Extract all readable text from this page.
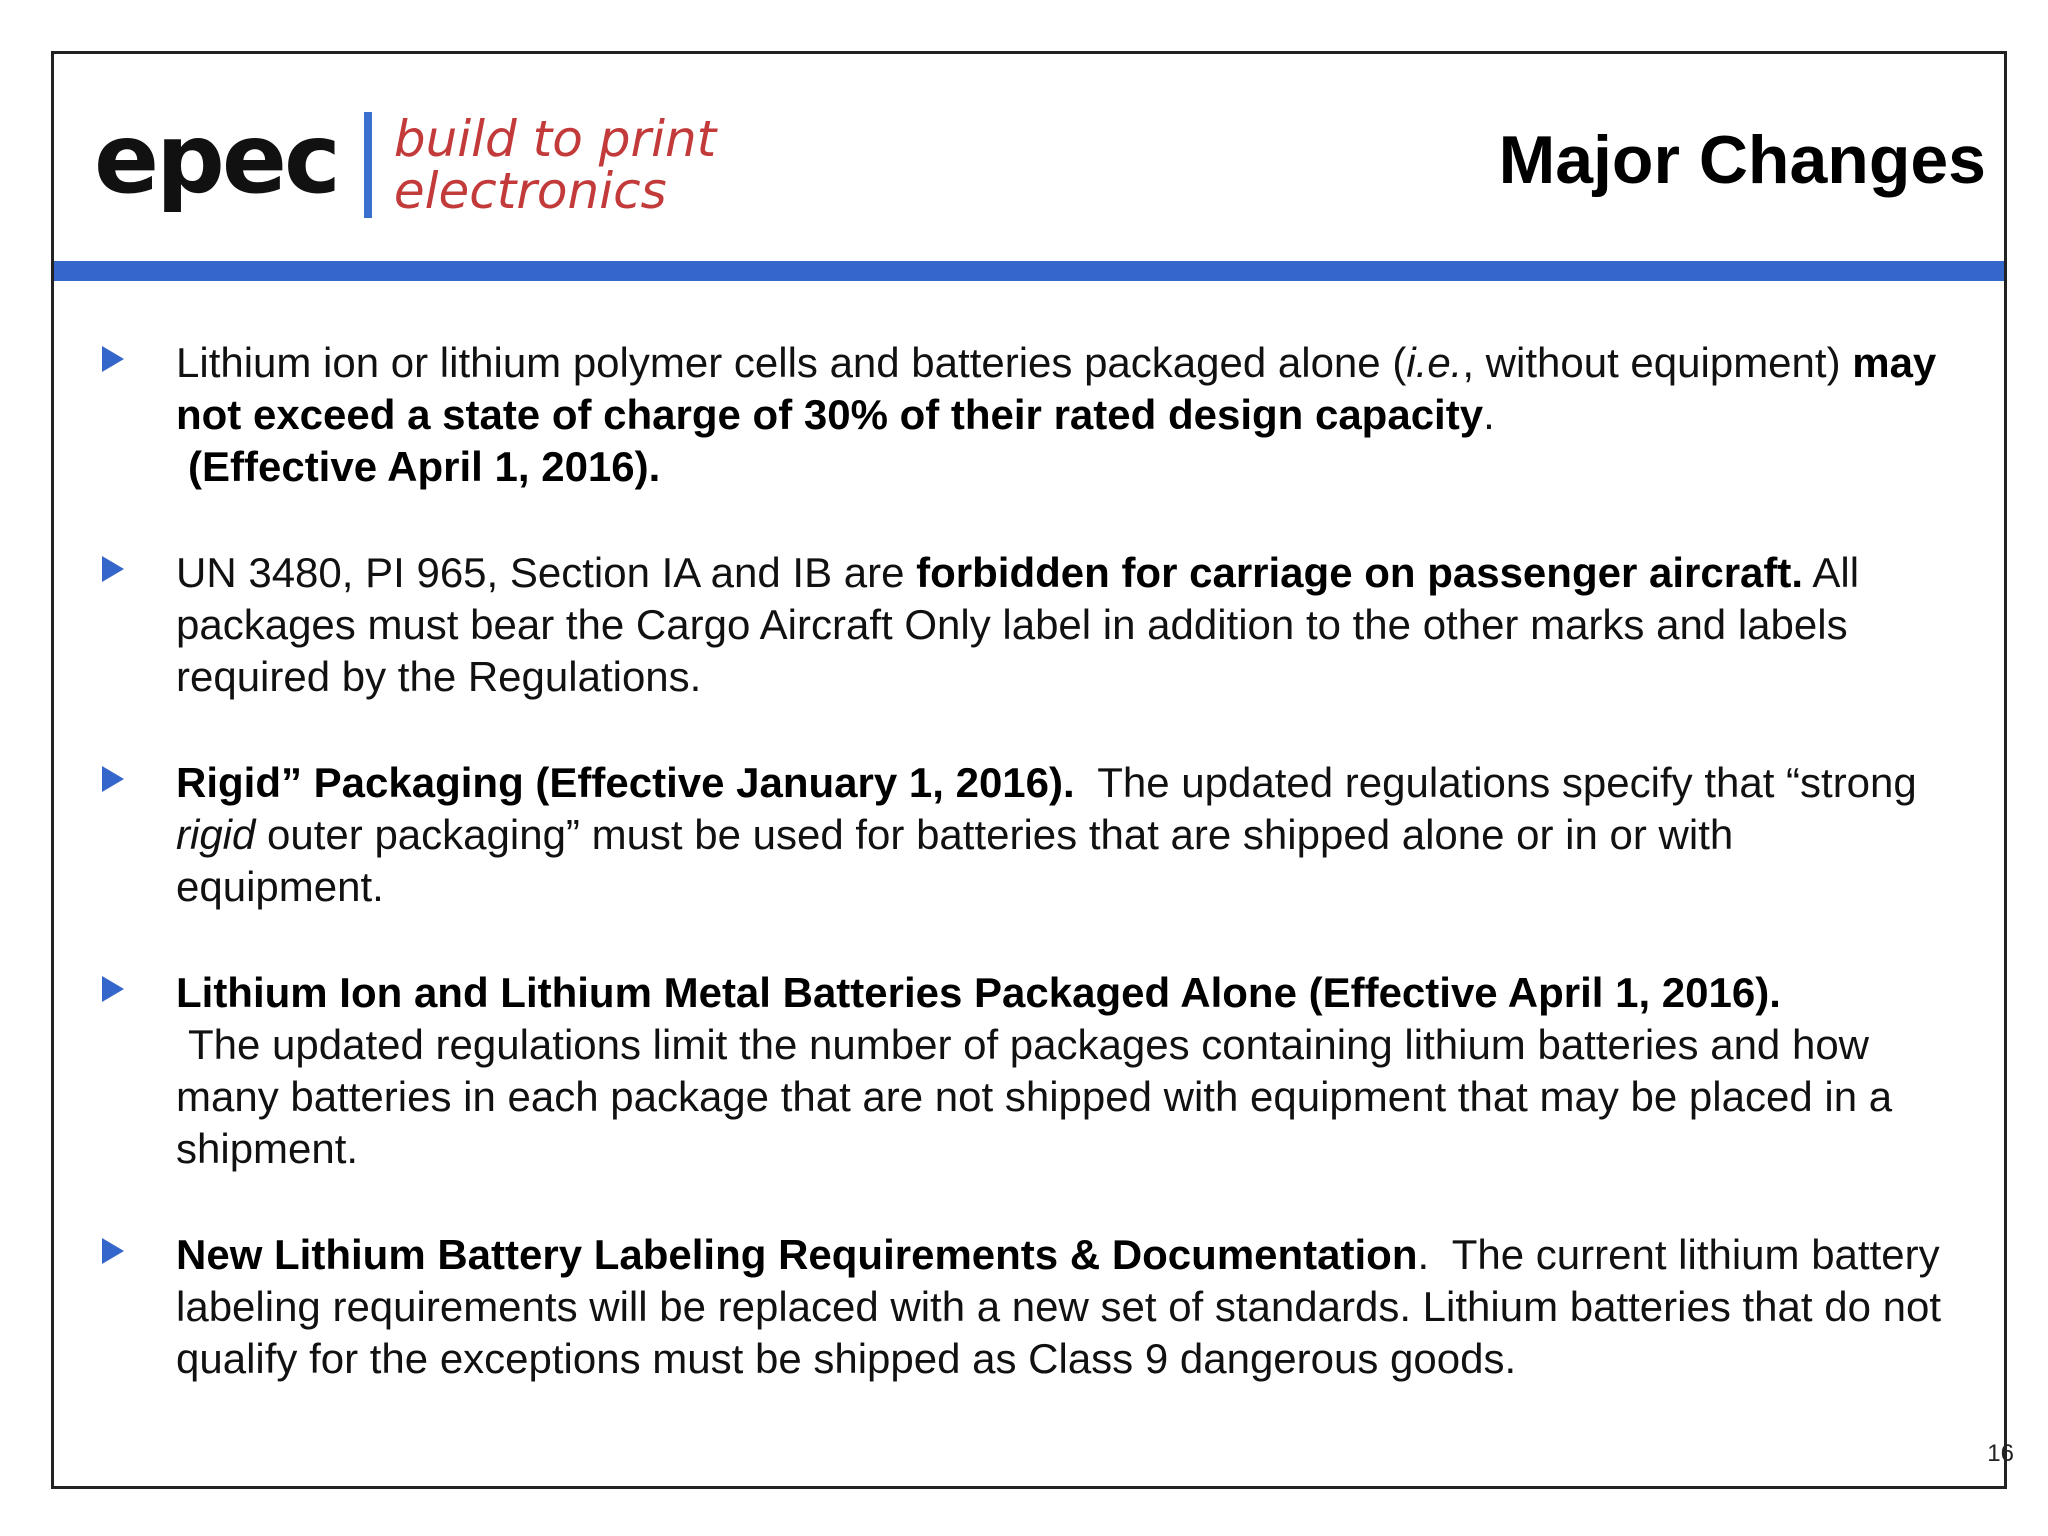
epec build to print
electronics	Major Changes
Lithium ion or lithium polymer cells and batteries packaged alone (i.e., without equipment) may not exceed a state of charge of 30% of their rated design capacity.
(Effective April 1, 2016).
UN 3480, PI 965, Section IA and IB are forbidden for carriage on passenger aircraft. All packages must bear the Cargo Aircraft Only label in addition to the other marks and labels required by the Regulations.
Rigid” Packaging (Effective January 1, 2016).  The updated regulations specify that “strong rigid outer packaging” must be used for batteries that are shipped alone or in or with equipment.
Lithium Ion and Lithium Metal Batteries Packaged Alone (Effective April 1, 2016).
The updated regulations limit the number of packages containing lithium batteries and how many batteries in each package that are not shipped with equipment that may be placed in a shipment.
New Lithium Battery Labeling Requirements & Documentation.  The current lithium battery labeling requirements will be replaced with a new set of standards. Lithium batteries that do not qualify for the exceptions must be shipped as Class 9 dangerous goods.
16
